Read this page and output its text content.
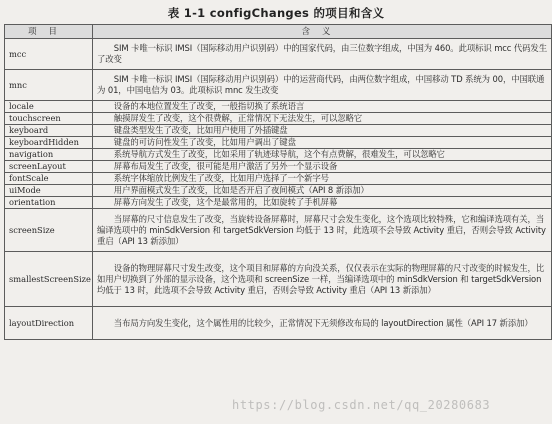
表 1-1 configChanges 的项目和含义
项目	含义
mcc	SIM 卡唯一标识 IMSI（国际移动用户识别码）中的国家代码，由三位数字组成，中国为 460。此项标识 mcc 代码发生了改变
mnc	SIM 卡唯一标识 IMSI（国际移动用户识别码）中的运营商代码，由两位数字组成，中国移动 TD 系统为 00，中国联通为 01，中国电信为 03。此项标识 mnc 发生改变
locale	设备的本地位置发生了改变，一般指切换了系统语言
touchscreen	触摸屏发生了改变，这个很费解，正常情况下无法发生，可以忽略它
keyboard	键盘类型发生了改变，比如用户使用了外插键盘
keyboardHidden	键盘的可访问性发生了改变，比如用户调出了键盘
navigation	系统导航方式发生了改变，比如采用了轨迹球导航，这个有点费解，很难发生，可以忽略它
screenLayout	屏幕布局发生了改变，很可能是用户激活了另外一个显示设备
fontScale	系统字体缩放比例发生了改变，比如用户选择了一个新字号
uiMode	用户界面模式发生了改变，比如是否开启了夜间模式（API 8 新添加）
orientation	屏幕方向发生了改变，这个是最常用的，比如旋转了手机屏幕
screenSize	当屏幕的尺寸信息发生了改变，当旋转设备屏幕时，屏幕尺寸会发生变化，这个选项比较特殊，它和编译选项有关，当编译选项中的 minSdkVersion 和 targetSdkVersion 均低于 13 时，此选项不会导致 Activity 重启，否则会导致 Activity 重启（API 13 新添加）
smallestScreenSize	设备的物理屏幕尺寸发生改变，这个项目和屏幕的方向没关系，仅仅表示在实际的物理屏幕的尺寸改变的时候发生，比如用户切换到了外部的显示设备，这个选项和 screenSize 一样，当编译选项中的 minSdkVersion 和 targetSdkVersion 均低于 13 时，此选项不会导致 Activity 重启，否则会导致 Activity 重启（API 13 新添加）
layoutDirection	当布局方向发生变化，这个属性用的比较少，正常情况下无须修改布局的 layoutDirection 属性（API 17 新添加）
https://blog.csdn.net/qq_20280683
